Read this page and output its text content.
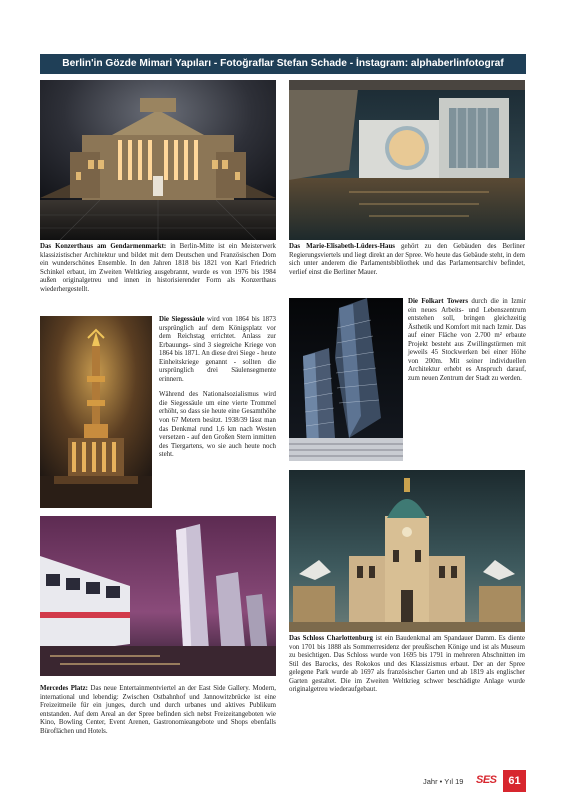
Berlin'in Gözde Mimari Yapıları - Fotoğraflar Stefan Schade - İnstagram: alphaberlinfotograf
Das Konzerthaus am Gendarmenmarkt: in Berlin-Mitte ist ein Meisterwerk klassizistischer Architektur und bildet mit dem Deutschen und Französischen Dom ein wunderschönes Ensemble. In den Jahren 1818 bis 1821 von Karl Friedrich Schinkel erbaut, im Zweiten Weltkrieg ausgebrannt, wurde es von 1976 bis 1984 außen originalgetreu und innen in historisierender Form als Konzerthaus wiederhergestellt.
Das Marie-Elisabeth-Lüders-Haus gehört zu den Gebäuden des Berliner Regierungsviertels und liegt direkt an der Spree. Wo heute das Gebäude steht, in dem sich unter anderem die Parlamentsbibliothek und das Parlamentsarchiv befindet, verlief einst die Berliner Mauer.

Die Siegessäule wird von 1864 bis 1873 ursprünglich auf dem Königsplatz vor dem Reichstag errichtet. Anlass zur Erbauungs- sind 3 siegreiche Kriege von 1864 bis 1871. An diese drei Siege - heute Einheitskriege genannt - sollten die ursprünglich drei Säulensegmente erinnern.

Während des Nationalsozialismus wird die Siegessäule um eine vierte Trommel erhöht, so dass sie heute eine Gesamthöhe von 67 Metern besitzt. 1938/39 lässt man das Denkmal rund 1,6 km nach Westen versetzen - auf den Großen Stern inmitten des Tiergartens, wo sie auch heute noch steht.

Die Folkart Towers durch die in Izmir ein neues Arbeits- und Lebenszentrum entstehen soll, bringen gleichzeitig Ästhetik und Komfort mit nach Izmir. Das auf einer Fläche von 2.700 m² erbaute Projekt besteht aus Zwillingstürmen mit jeweils 45 Stockwerken bei einer Höhe von 200m. Mit seiner individuellen Architektur erhebt es Anspruch darauf, zum neuen Zentrum der Stadt zu werden.
Das Schloss Charlottenburg ist ein Baudenkmal am Spandauer Damm. Es diente von 1701 bis 1888 als Sommerresidenz der preußischen Könige und ist als Museum zu besichtigen. Das Schloss wurde von 1695 bis 1791 in mehreren Abschnitten im Stil des Barocks, des Rokokos und des Klassizismus erbaut. Der an der Spree gelegene Park wurde ab 1697 als französischer Garten und ab 1819 als englischer Garten gestaltet. Die im Zweiten Weltkrieg schwer beschädigte Anlage wurde originalgetreu wiederaufgebaut.
Mercedes Platz: Das neue Entertainmentviertel an der East Side Gallery. Modern, international und lebendig: Zwischen Ostbahnhof und Jannowitzbrücke ist eine Freizeitmeile für ein junges, durch und durch urbanes und aktives Publikum entstanden. Auf dem Areal an der Spree befinden sich nebst Freizeitangeboten wie Kino, Bowling Center, Event Arenen, Gastronomieangebote und Shops ebenfalls Büroflächen und Hotels.
Jahr • Yıl 19 SES	61
